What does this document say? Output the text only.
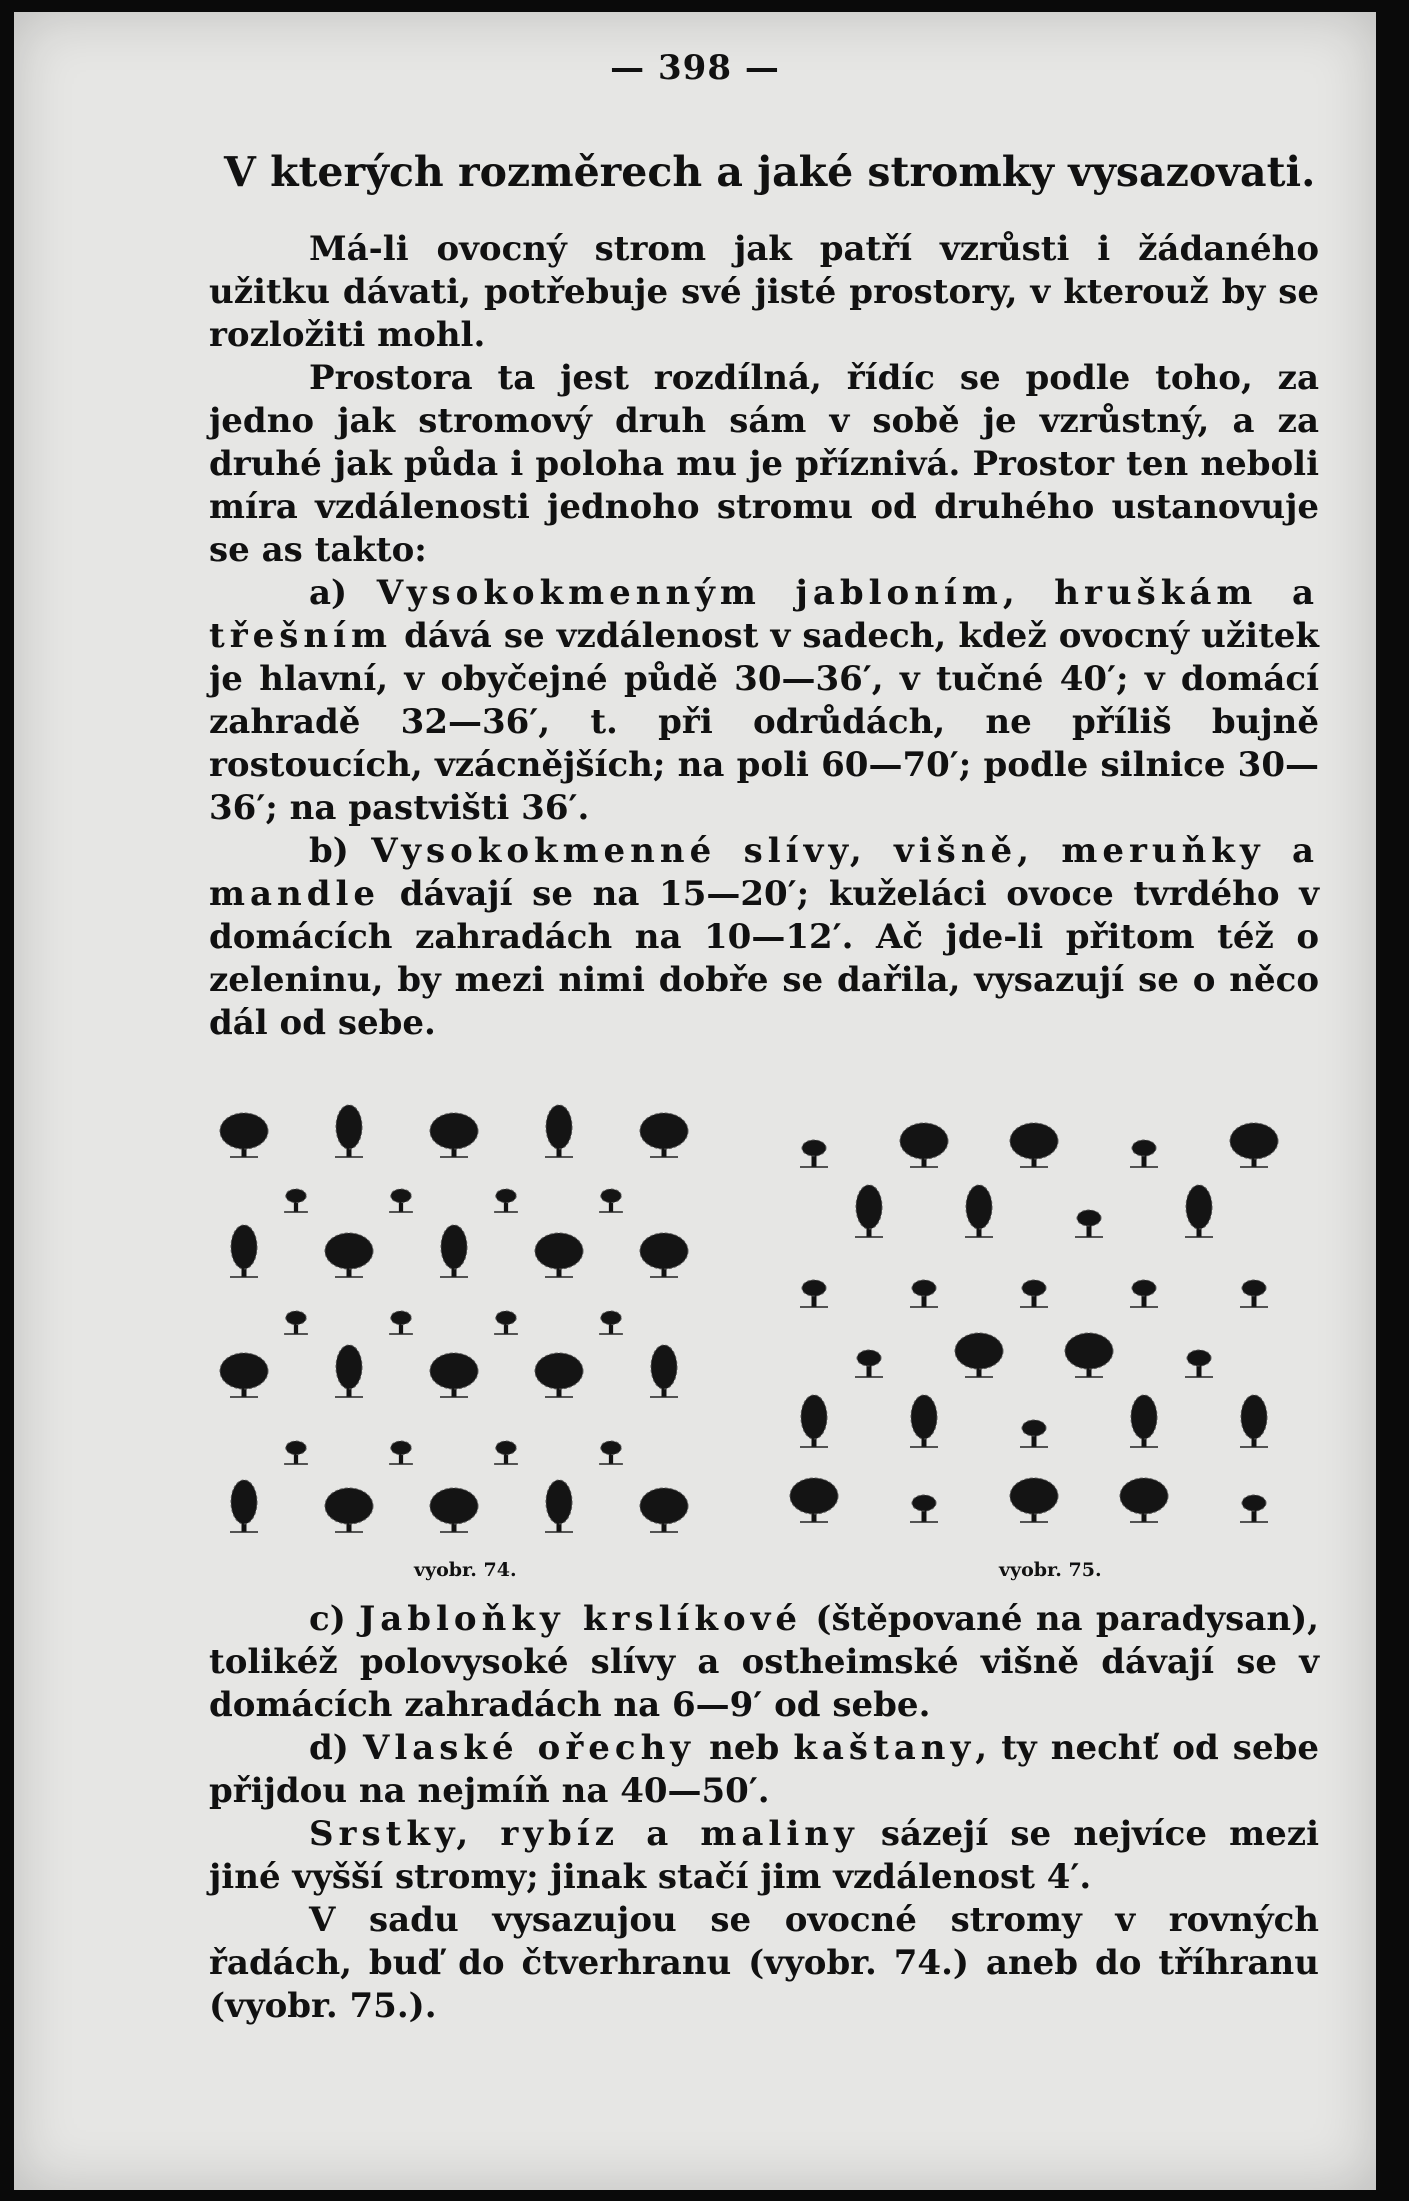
— 398 —
V kterých rozměrech a jaké stromky vysazovati.

Má-li ovocný strom jak patří vzrůsti i žádaného užitku dávati, potřebuje své jisté prostory, v kterouž by se rozložiti mohl.

Prostora ta jest rozdílná, řídíc se podle toho, za jedno jak stromový druh sám v sobě je vzrůstný, a za druhé jak půda i poloha mu je příznivá. Prostor ten neboli míra vzdálenosti jednoho stromu od druhého ustanovuje se as takto:

a) Vysokokmenným jabloním, hruškám a třešním dává se vzdálenost v sadech, kdež ovocný užitek je hlavní, v obyčejné půdě 30—36′, v tučné 40′; v domácí zahradě 32—36′, t. při odrůdách, ne příliš bujně rostoucích, vzácnějších; na poli 60—70′; podle silnice 30—36′; na pastvišti 36′.

b) Vysokokmenné slívy, višně, meruňky a mandle dávají se na 15—20′; kuželáci ovoce tvrdého v domácích zahradách na 10—12′. Ač jde-li přitom též o zeleninu, by mezi nimi dobře se dařila, vysazují se o něco dál od sebe.

vyobr. 74.	vyobr. 75.

c) Jabloňky krslíkové (štěpované na paradysan), tolikéž polovysoké slívy a ostheimské višně dávají se v domácích zahradách na 6—9′ od sebe.

d) Vlaské ořechy neb kaštany, ty nechť od sebe přijdou na nejmíň na 40—50′.

Srstky, rybíz a maliny sázejí se nejvíce mezi jiné vyšší stromy; jinak stačí jim vzdálenost 4′.

V sadu vysazujou se ovocné stromy v rovných řadách, buď do čtverhranu (vyobr. 74.) aneb do tříhranu (vyobr. 75.).
